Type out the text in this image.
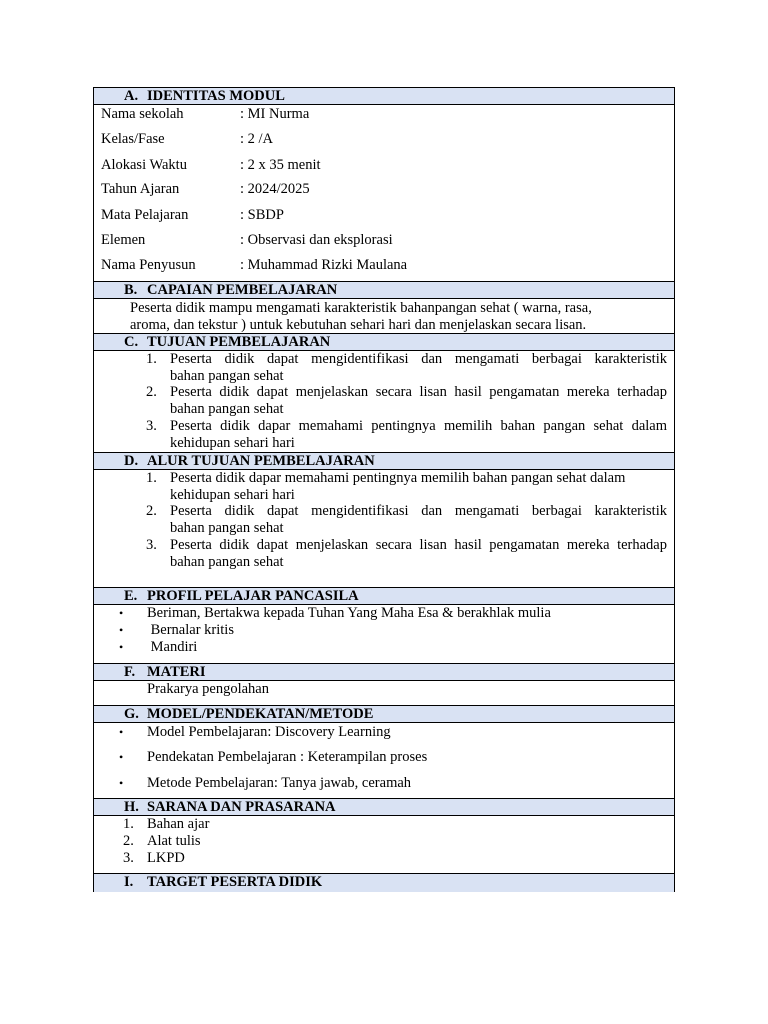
A. IDENTITAS MODUL
Nama sekolah	: MI Nurma
Kelas/Fase	: 2 /A
Alokasi Waktu	: 2 x 35 menit
Tahun Ajaran	: 2024/2025
Mata Pelajaran	: SBDP
Elemen	: Observasi dan eksplorasi
Nama Penyusun	: Muhammad Rizki Maulana
B. CAPAIAN PEMBELAJARAN
Peserta didik mampu mengamati karakteristik bahanpangan sehat ( warna, rasa,
aroma, dan tekstur ) untuk kebutuhan sehari hari dan menjelaskan secara lisan.
C. TUJUAN PEMBELAJARAN
1. Peserta didik dapat mengidentifikasi dan mengamati berbagai karakteristik
bahan pangan sehat
2. Peserta didik dapat menjelaskan secara lisan hasil pengamatan mereka terhadap
bahan pangan sehat
3. Peserta didik dapar memahami pentingnya memilih bahan pangan sehat dalam
kehidupan sehari hari
D. ALUR TUJUAN PEMBELAJARAN
1. Peserta didik dapar memahami pentingnya memilih bahan pangan sehat dalam
kehidupan sehari hari
2. Peserta didik dapat mengidentifikasi dan mengamati berbagai karakteristik
bahan pangan sehat
3. Peserta didik dapat menjelaskan secara lisan hasil pengamatan mereka terhadap
bahan pangan sehat
E. PROFIL PELAJAR PANCASILA
• Beriman, Bertakwa kepada Tuhan Yang Maha Esa & berakhlak mulia
• Bernalar kritis
• Mandiri
F. MATERI
Prakarya pengolahan
G. MODEL/PENDEKATAN/METODE
• Model Pembelajaran: Discovery Learning
• Pendekatan Pembelajaran : Keterampilan proses
• Metode Pembelajaran: Tanya jawab, ceramah
H. SARANA DAN PRASARANA
1. Bahan ajar
2. Alat tulis
3. LKPD
I. TARGET PESERTA DIDIK
